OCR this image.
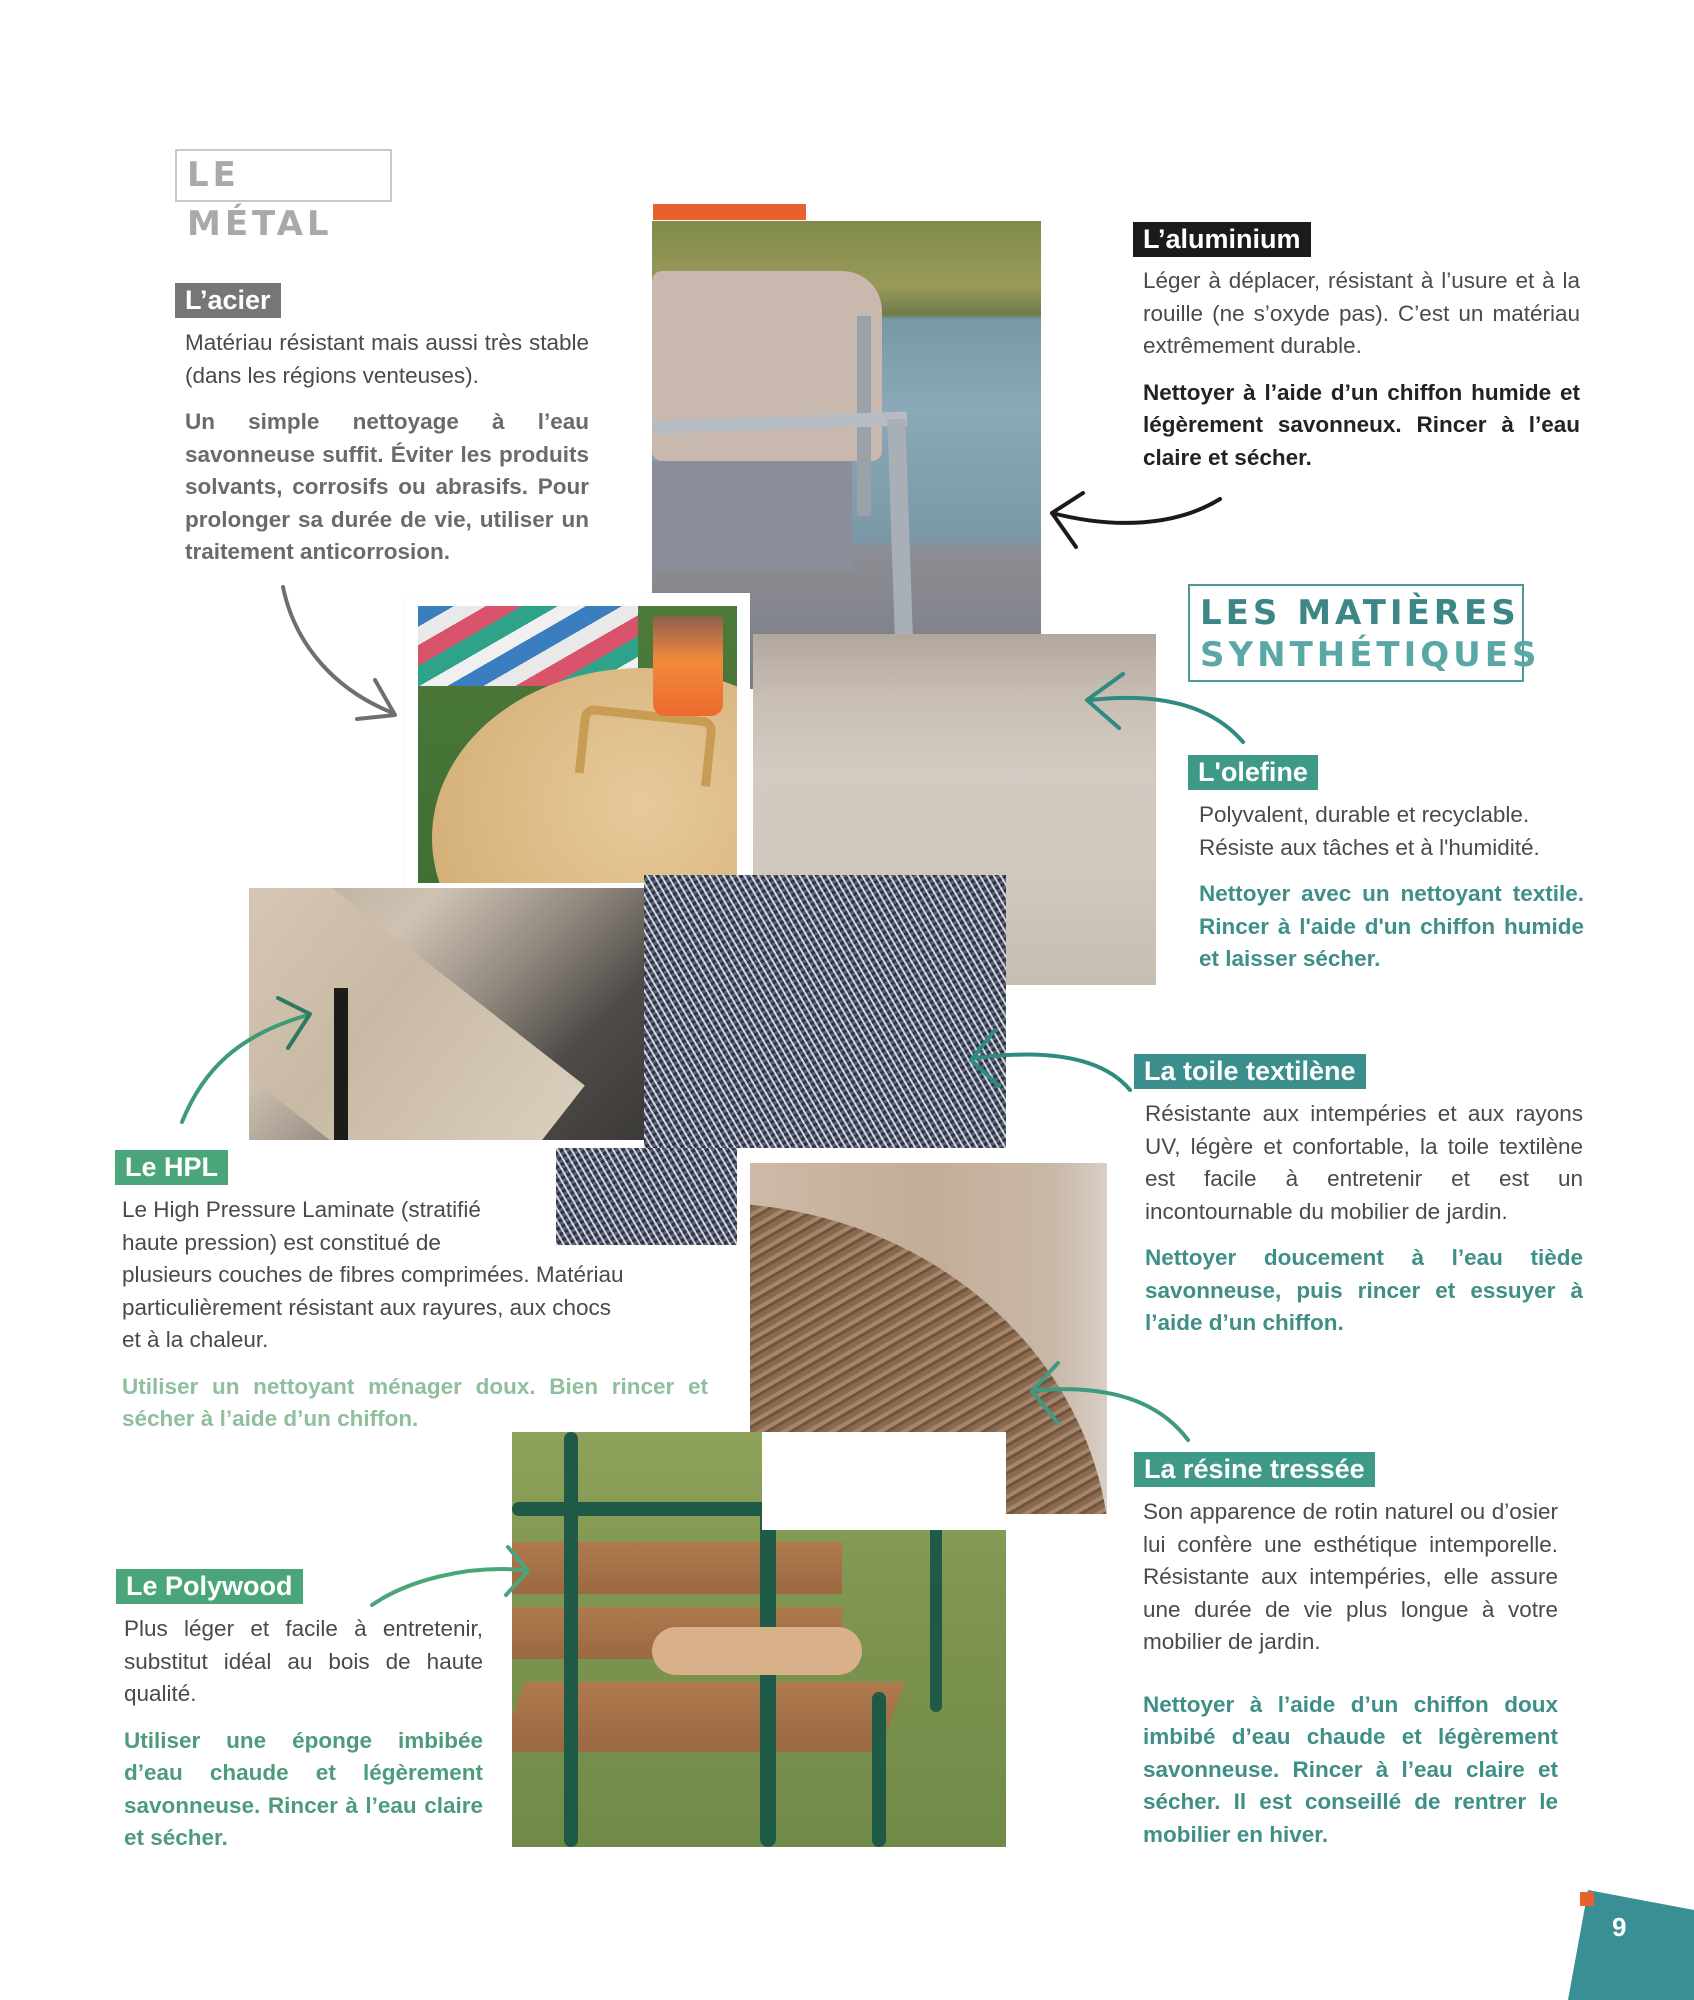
LE MÉTAL
LES MATIÈRES
SYNTHÉTIQUES
L’acier

Matériau résistant mais aussi très stable (dans les régions venteuses).

Un simple nettoyage à l’eau savonneuse suffit. Éviter les produits solvants, corrosifs ou abrasifs. Pour prolonger sa durée de vie, utiliser un traitement anticorrosion.

L’aluminium

Léger à déplacer, résistant à l’usure et à la rouille (ne s’oxyde pas). C’est un matériau extrêmement durable.

Nettoyer à l’aide d’un chiffon humide et légèrement savonneux. Rincer à l’eau claire et sécher.

L'olefine
Polyvalent, durable et recyclable.
Résiste aux tâches et à l'humidité.

Nettoyer avec un nettoyant textile. Rincer à l'aide d'un chiffon humide et laisser sécher.

La toile textilène

Résistante aux intempéries et aux rayons UV, légère et confortable, la toile textilène est facile à entretenir et est un incontournable du mobilier de jardin.

Nettoyer doucement à l’eau tiède savonneuse, puis rincer et essuyer à l’aide d’un chiffon.

Le HPL
Le High Pressure Laminate (stratifié
haute pression) est constitué de
plusieurs couches de fibres comprimées. Matériau
particulièrement résistant aux rayures, aux chocs
et à la chaleur.

Utiliser un nettoyant ménager doux. Bien rincer et sécher à l’aide d’un chiffon.

La résine tressée

Son apparence de rotin naturel ou d’osier lui confère une esthétique intemporelle. Résistante aux intempéries, elle assure une durée de vie plus longue à votre mobilier de jardin.

Nettoyer à l’aide d’un chiffon doux imbibé d’eau chaude et légèrement savonneuse. Rincer à l’eau claire et sécher. Il est conseillé de rentrer le mobilier en hiver.

Le Polywood

Plus léger et facile à entretenir, substitut idéal au bois de haute qualité.

Utiliser une éponge imbibée d’eau chaude et légèrement savonneuse. Rincer à l’eau claire et sécher.

9
